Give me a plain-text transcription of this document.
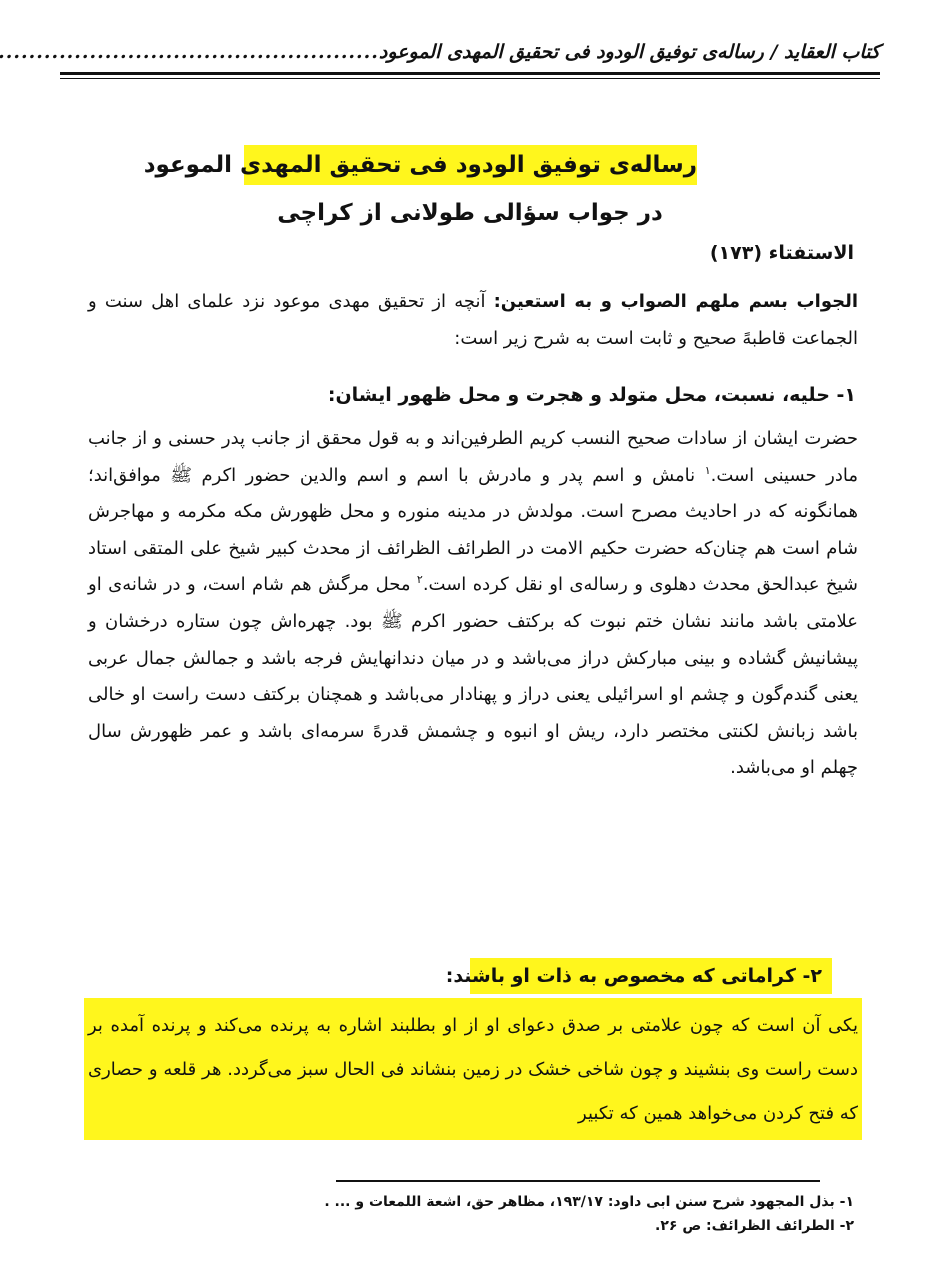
کتاب العقاید / رساله‌ی توفیق الودود فی تحقیق المهدی الموعود
.....
رساله‌ی توفیق الودود فی تحقیق المهدی الموعود
در جواب سؤالی طولانی از کراچی
الاستفتاء (۱۷۳)
الجواب بسم ملهم الصواب و به استعین: آنچه از تحقیق مهدی موعود نزد علمای اهل سنت و الجماعت قاطبهً صحیح و ثابت است به شرح زیر است:
۱- حلیه، نسبت، محل متولد و هجرت و محل ظهور ایشان:
حضرت ایشان از سادات صحیح النسب کریم الطرفین‌اند و به قول محقق از جانب پدر حسنی و از جانب مادر حسینی است.$^۱$ نامش و اسم پدر و مادرش با اسم و اسم والدین حضور اکرم ﷺ موافق‌اند؛ همانگونه که در احادیث مصرح است. مولدش در مدینه منوره و محل ظهورش مکه مکرمه و مهاجرش شام است هم چنان‌که حضرت حکیم الامت در الطرائف الظرائف از محدث کبیر شیخ علی المتقی استاد شیخ عبدالحق محدث دهلوی و رساله‌ی او نقل کرده است.$^۲$ محل مرگش هم شام است، و در شانه‌ی او علامتی باشد مانند نشان ختم نبوت که برکتف حضور اکرم ﷺ بود. چهره‌اش چون ستاره درخشان و پیشانیش گشاده و بینی مبارکش دراز می‌باشد و در میان دندانهایش فرجه باشد و جمالش جمال عربی یعنی گندم‌گون و چشم او اسرائیلی یعنی دراز و پهنادار می‌باشد و همچنان برکتف دست راست او خالی باشد زبانش لکنتی مختصر دارد، ریش او انبوه و چشمش قدرهً سرمه‌ای باشد و عمر ظهورش سال چهلم او می‌باشد.
۲- کراماتی که مخصوص به ذات او باشند:
یکی آن است که چون علامتی بر صدق دعوای او از او بطلبند اشاره به پرنده می‌کند و پرنده آمده بر دست راست وی بنشیند و چون شاخی خشک در زمین بنشاند فی الحال سبز می‌گردد. هر قلعه و حصاری که فتح کردن می‌خواهد همین که تکبیر
۱- بذل المجهود شرح سنن ابی داود: ۱۹۳/۱۷، مظاهر حق، اشعة اللمعات و ... .
۲- الطرائف الظرائف: ص ۲۶.
